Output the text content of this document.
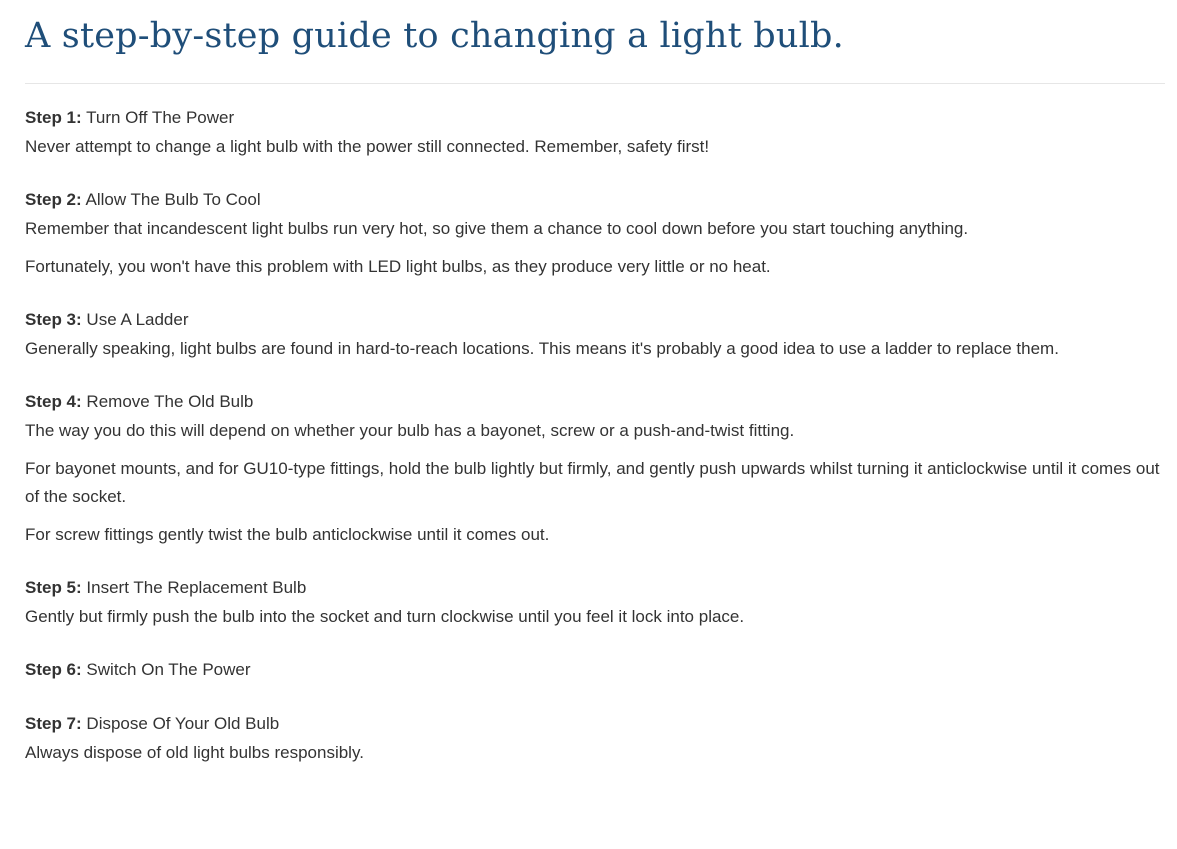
A step-by-step guide to changing a light bulb.
Step 1: Turn Off The Power

Never attempt to change a light bulb with the power still connected. Remember, safety first!

Step 2: Allow The Bulb To Cool

Remember that incandescent light bulbs run very hot, so give them a chance to cool down before you start touching anything.

Fortunately, you won't have this problem with LED light bulbs, as they produce very little or no heat.

Step 3: Use A Ladder

Generally speaking, light bulbs are found in hard-to-reach locations. This means it's probably a good idea to use a ladder to replace them.

Step 4: Remove The Old Bulb

The way you do this will depend on whether your bulb has a bayonet, screw or a push-and-twist fitting.

For bayonet mounts, and for GU10-type fittings, hold the bulb lightly but firmly, and gently push upwards whilst turning it anticlockwise until it comes out of the socket.

For screw fittings gently twist the bulb anticlockwise until it comes out.

Step 5: Insert The Replacement Bulb

Gently but firmly push the bulb into the socket and turn clockwise until you feel it lock into place.

Step 6: Switch On The Power
Step 7: Dispose Of Your Old Bulb

Always dispose of old light bulbs responsibly.
